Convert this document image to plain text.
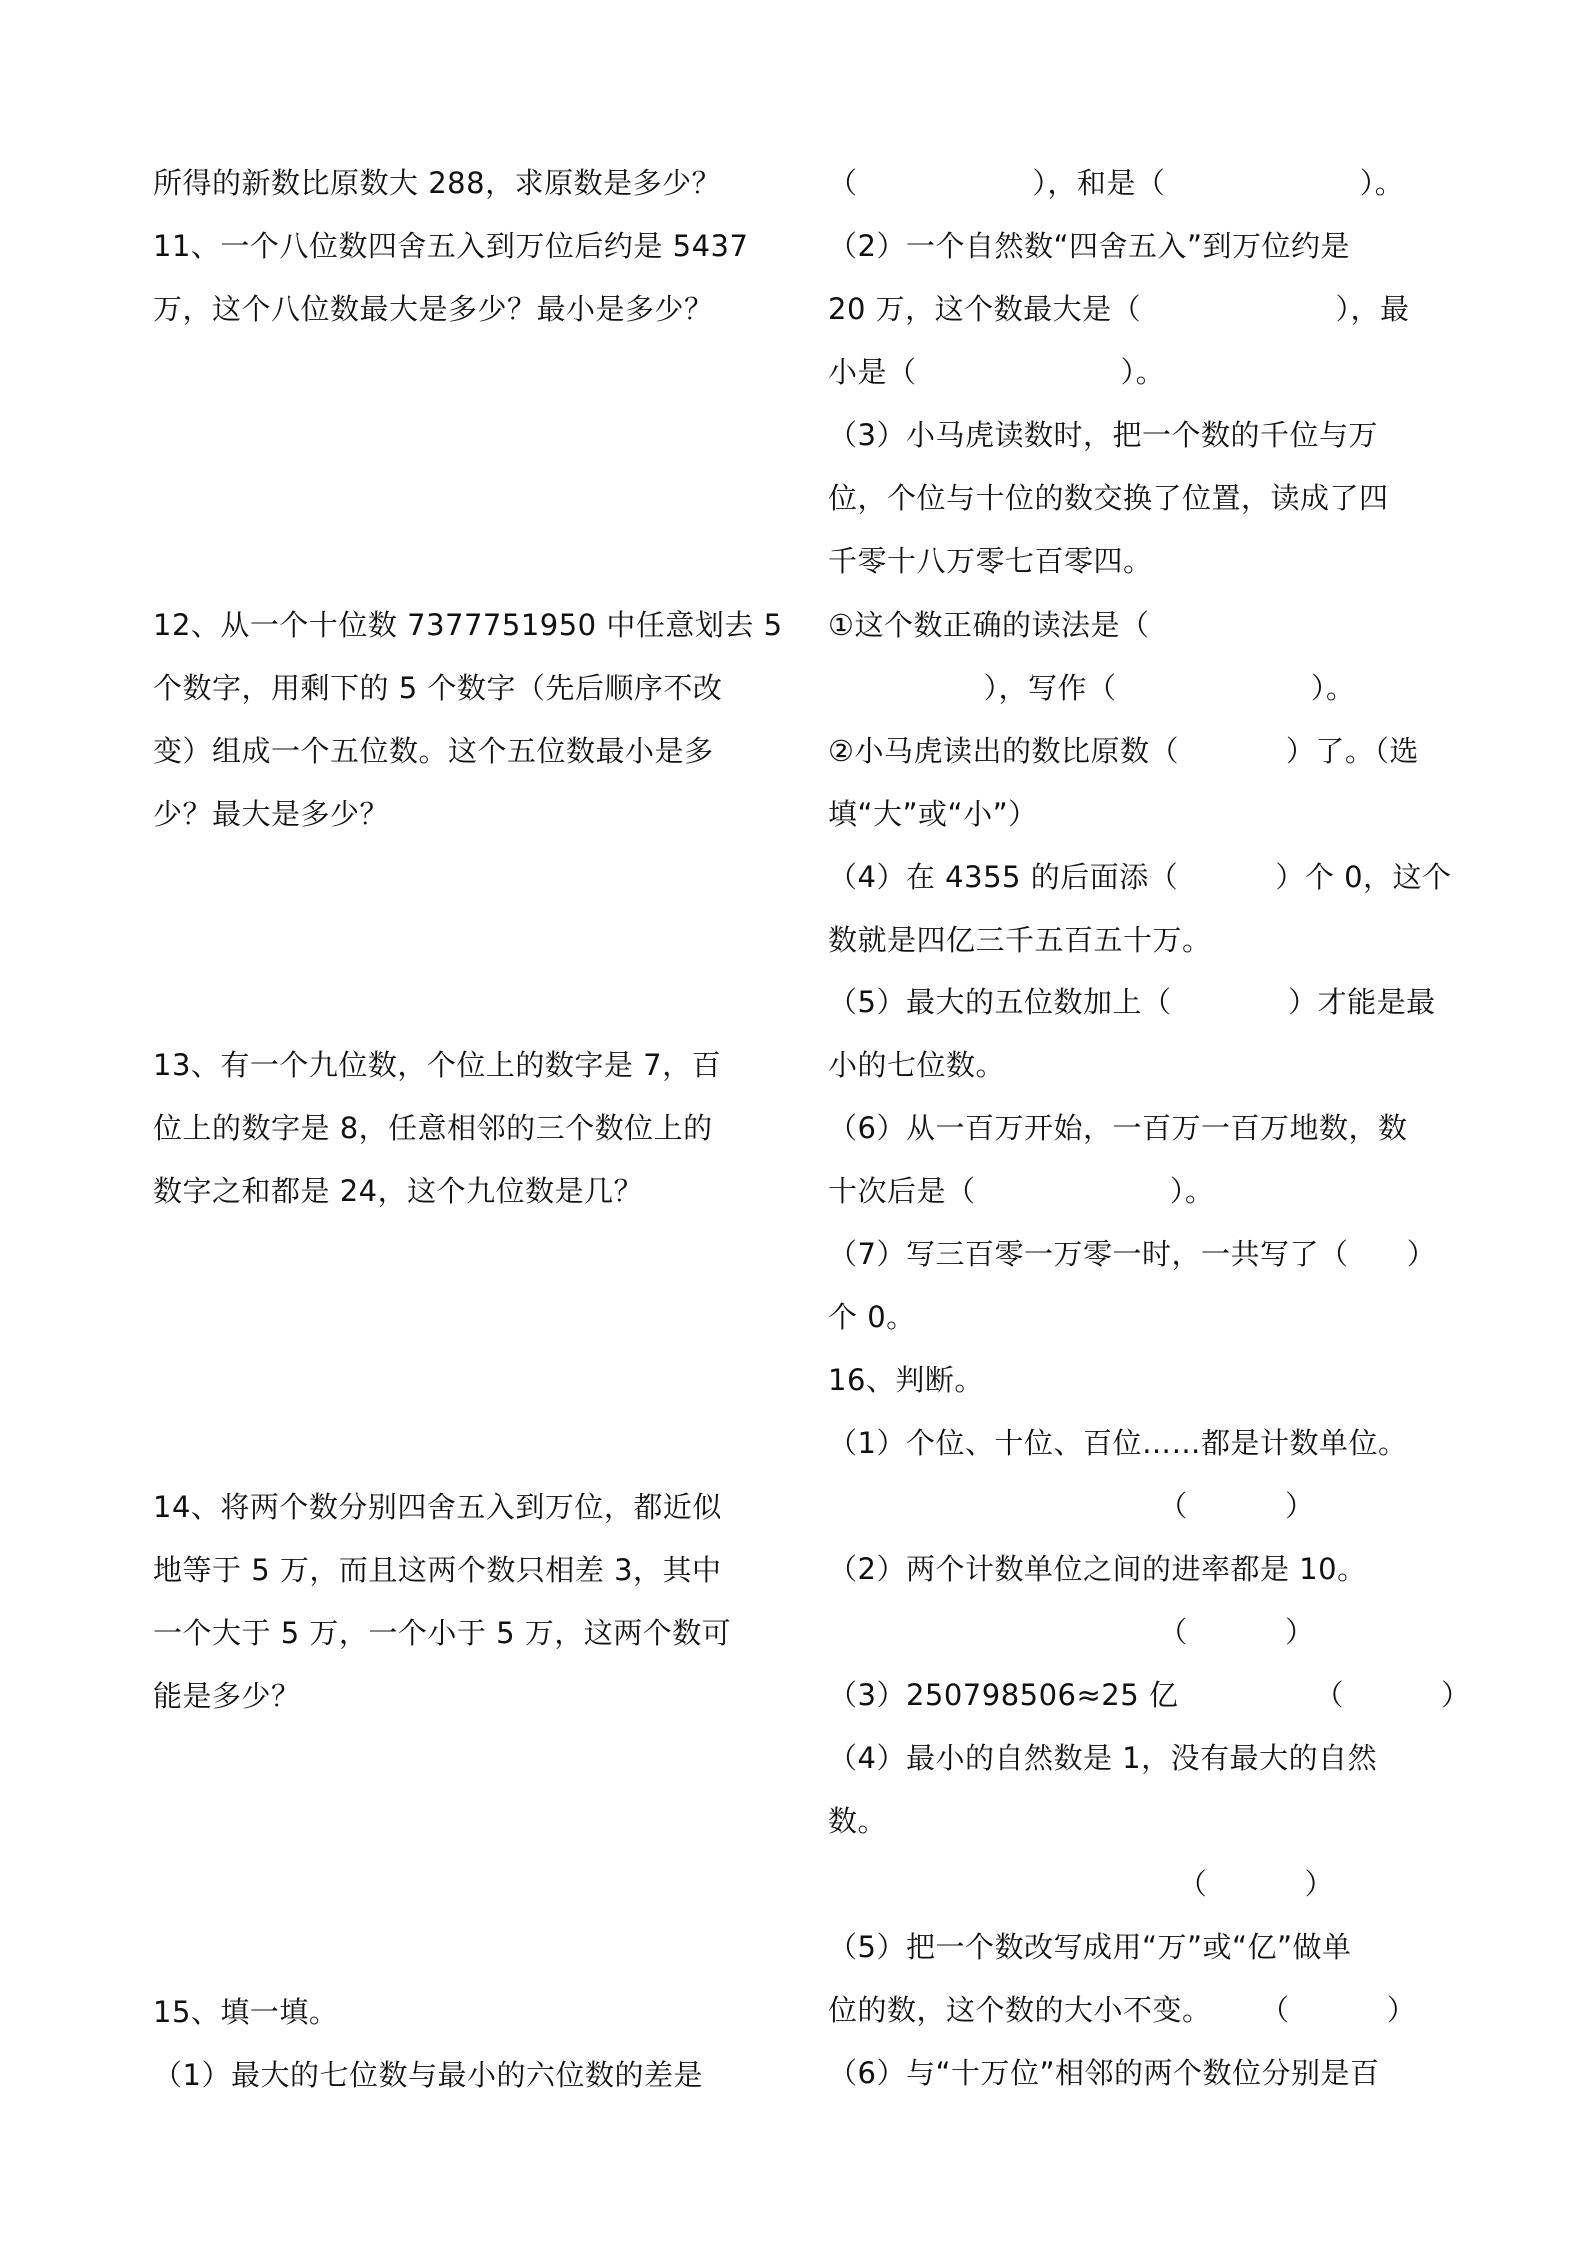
所得的新数比原数大 288，求原数是多少？
11、一个八位数四舍五入到万位后约是 5437
万，这个八位数最大是多少？最小是多少？
12、从一个十位数 7377751950 中任意划去 5
个数字，用剩下的 5 个数字（先后顺序不改
变）组成一个五位数。这个五位数最小是多
少？最大是多少？
13、有一个九位数，个位上的数字是 7，百
位上的数字是 8，任意相邻的三个数位上的
数字之和都是 24，这个九位数是几？
14、将两个数分别四舍五入到万位，都近似
地等于 5 万，而且这两个数只相差 3，其中
一个大于 5 万，一个小于 5 万，这两个数可
能是多少？
15、填一填。
（1）最大的七位数与最小的六位数的差是
（                  ），和是（                    ）。
（2）一个自然数“四舍五入”到万位约是
20 万，这个数最大是（                    ），最
小是（                     ）。
（3）小马虎读数时，把一个数的千位与万
位，个位与十位的数交换了位置，读成了四
千零十八万零七百零四。
①这个数正确的读法是（
），写作（                    ）。
②小马虎读出的数比原数（           ）了。（选
填“大”或“小”）
（4）在 4355 的后面添（          ）个 0，这个
数就是四亿三千五百五十万。
（5）最大的五位数加上（            ）才能是最
小的七位数。
（6）从一百万开始，一百万一百万地数，数
十次后是（                    ）。
（7）写三百零一万零一时，一共写了（      ）
个 0。
16、判断。
（1）个位、十位、百位……都是计数单位。
（          ）
（2）两个计数单位之间的进率都是 10。
（          ）
（3）250798506≈25 亿              （          ）
（4）最小的自然数是 1，没有最大的自然
数。
（          ）
（5）把一个数改写成用“万”或“亿”做单
位的数，这个数的大小不变。     （          ）
（6）与“十万位”相邻的两个数位分别是百
